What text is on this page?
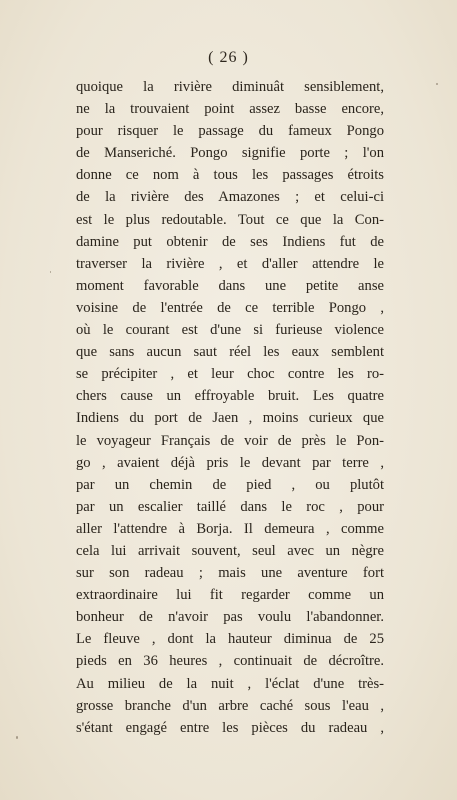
( 26 )
quoique la rivière diminuât sensiblement,
ne la trouvaient point assez basse encore,
pour risquer le passage du fameux Pongo
de Manseriché. Pongo signifie porte ; l'on
donne ce nom à tous les passages étroits
de la rivière des Amazones ; et celui-ci
est le plus redoutable. Tout ce que la Con-
damine put obtenir de ses Indiens fut de
traverser la rivière , et d'aller attendre le
moment favorable dans une petite anse
voisine de l'entrée de ce terrible Pongo ,
où le courant est d'une si furieuse violence
que sans aucun saut réel les eaux semblent
se précipiter , et leur choc contre les ro-
chers cause un effroyable bruit. Les quatre
Indiens du port de Jaen , moins curieux que
le voyageur Français de voir de près le Pon-
go , avaient déjà pris le devant par terre ,
par un chemin de pied , ou plutôt
par un escalier taillé dans le roc , pour
aller l'attendre à Borja. Il demeura , comme
cela lui arrivait souvent, seul avec un nègre
sur son radeau ; mais une aventure fort
extraordinaire lui fit regarder comme un
bonheur de n'avoir pas voulu l'abandonner.
Le fleuve , dont la hauteur diminua de 25
pieds en 36 heures , continuait de décroître.
Au milieu de la nuit , l'éclat d'une très-
grosse branche d'un arbre caché sous l'eau ,
s'étant engagé entre les pièces du radeau ,
